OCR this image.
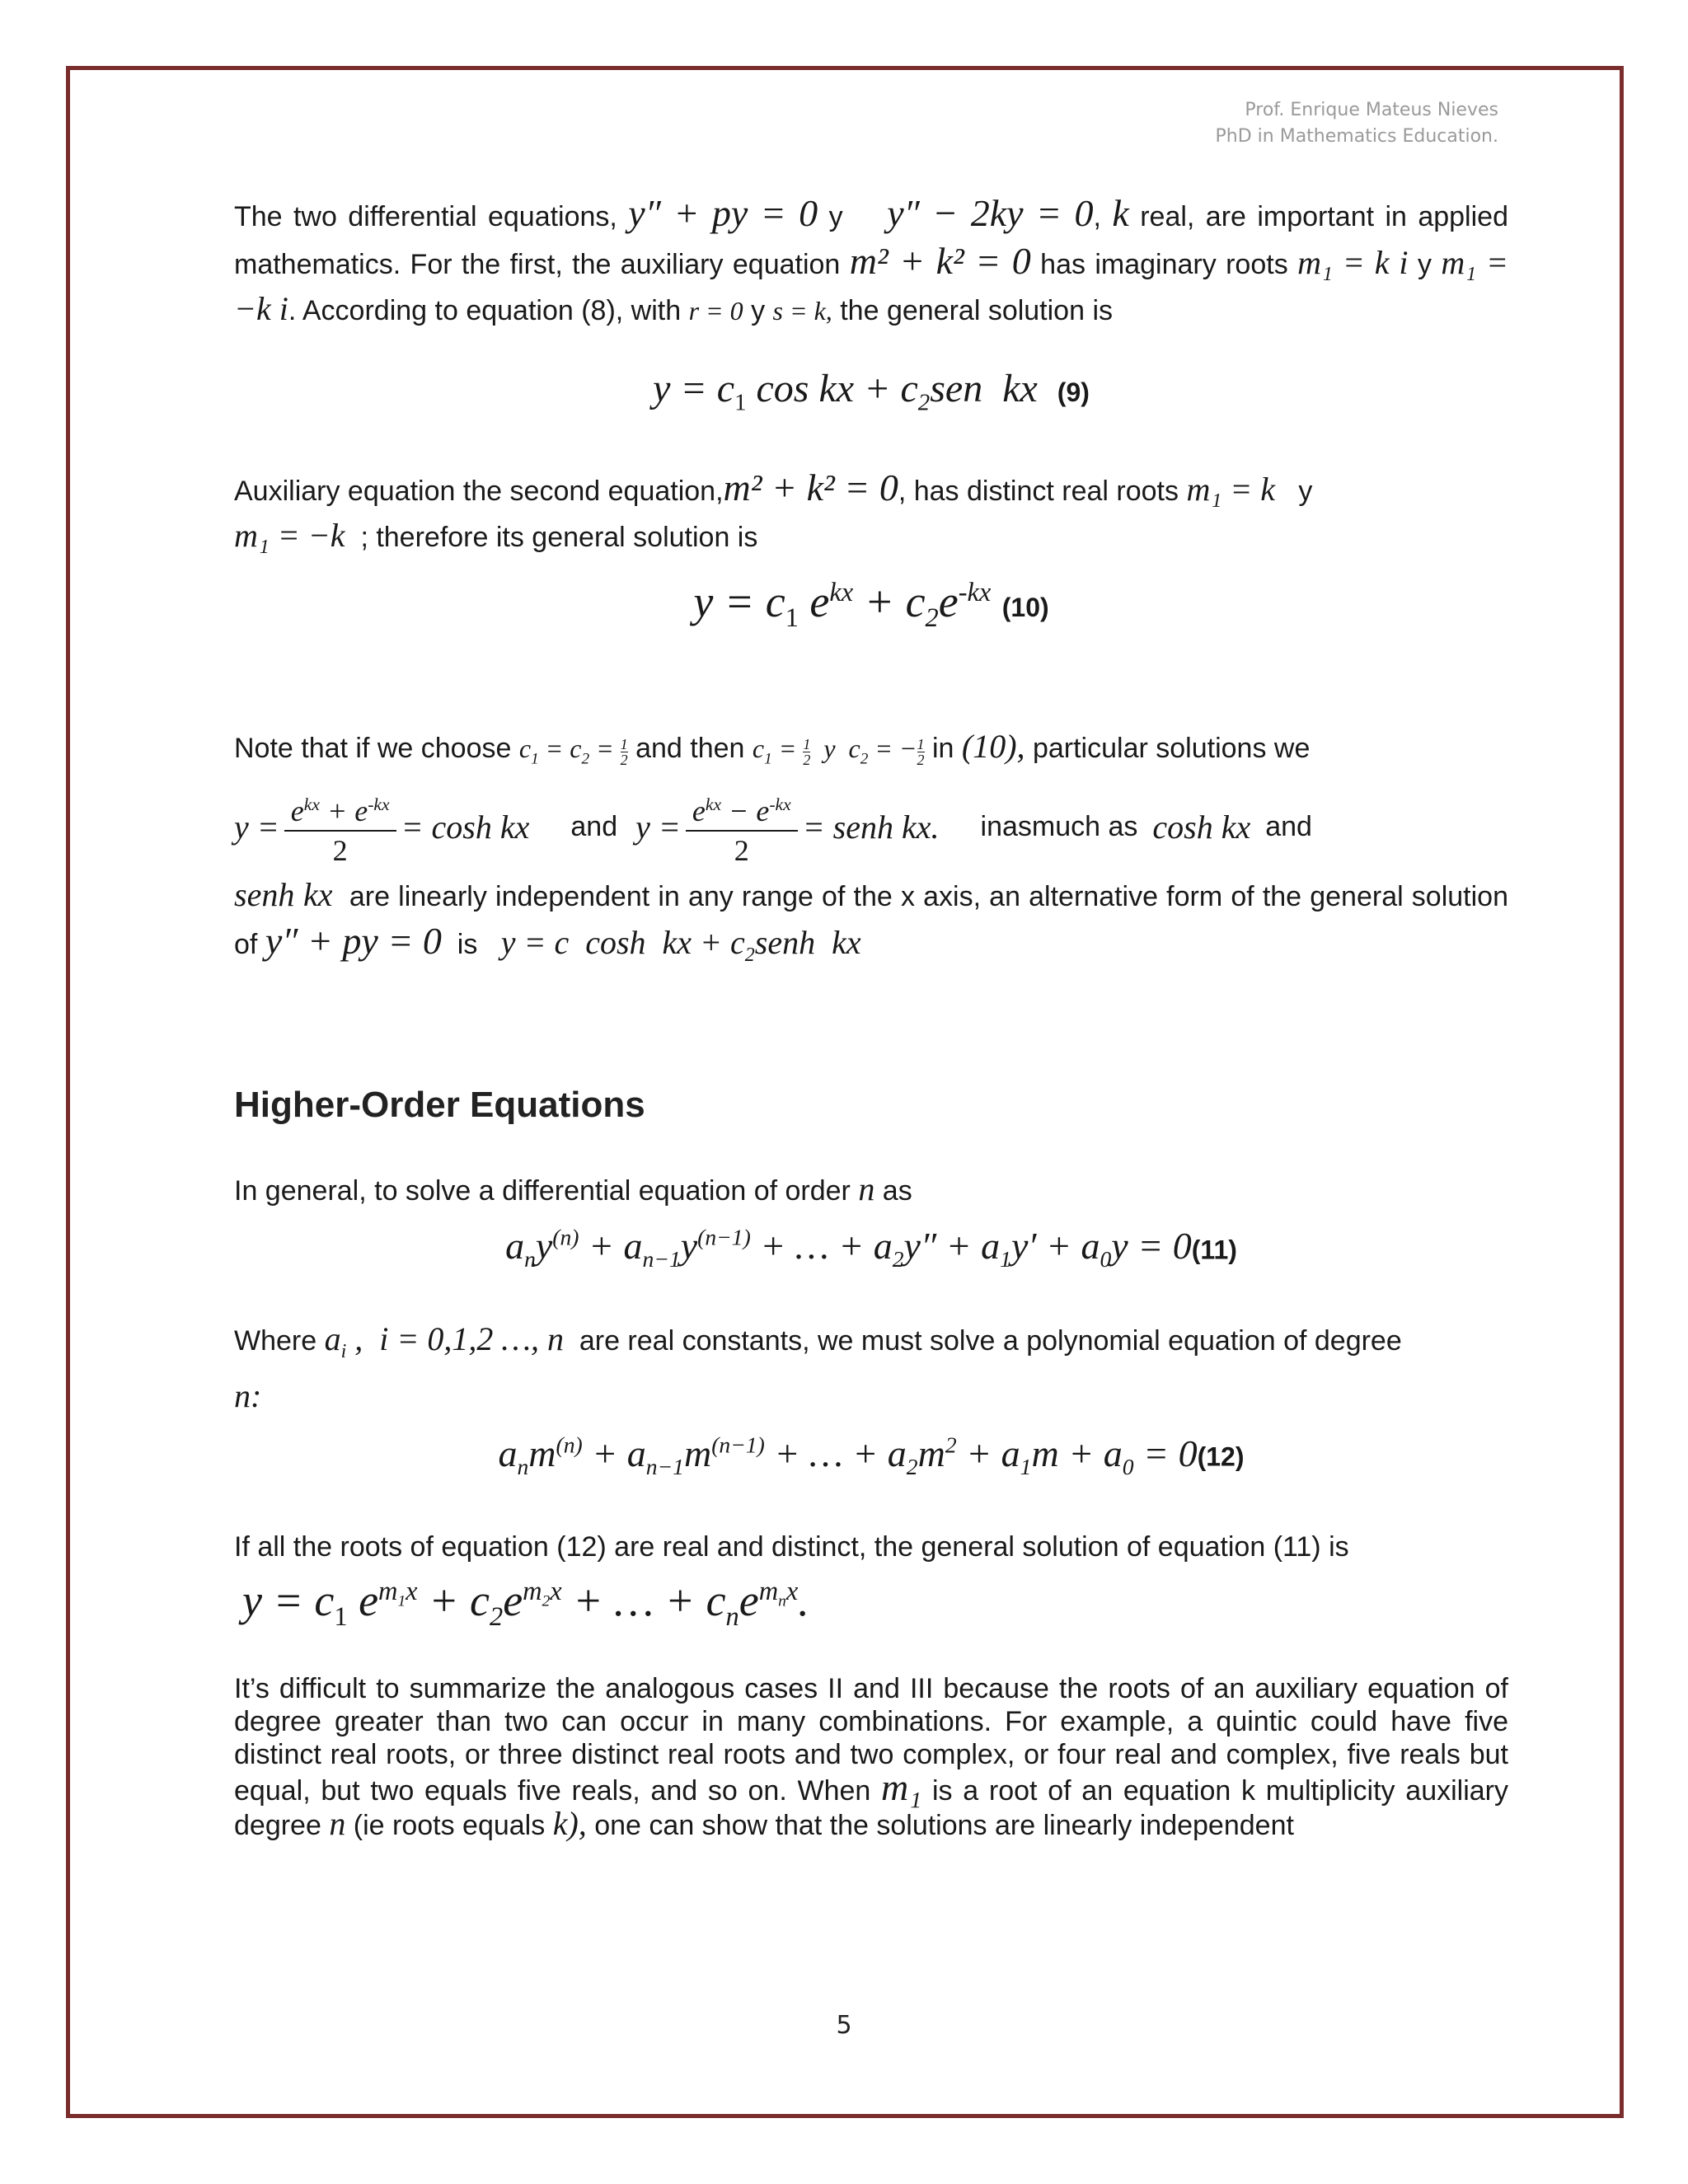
Prof. Enrique Mateus Nieves
PhD in Mathematics Education.

The two differential equations, y″ + py = 0 y y″ − 2ky = 0, k real, are important in applied mathematics. For the first, the auxiliary equation m² + k² = 0 has imaginary roots m₁ = k i y m₁ = −k i. According to equation (8), with r = 0 y s = k, the general solution is

$y = c_1$ cos kx + $c_2sen$  kx (9)

Auxiliary equation the second equation,m² + k² = 0, has distinct real roots m₁ = k y
m₁ = −k ; therefore its general solution is

$y = c_1$ $e^{kx} + c_2e^{-kx}$ (10)

Note that if we choose $c_1 = c_2 = \frac{1}{2}$ and then $c_1 = \frac{1}{2}$ y  $c_2$ = − $\frac{1}{2}$ in (10), particular solutions we

$y = \frac{e^{kx} + e^{-kx}}{2} = \cosh$ kx and $y = \frac{e^{kx} - e^{-kx}}{2}$ = senh kx. inasmuch as cosh kx and

senh kx are linearly independent in any range of the x axis, an alternative form of the general solution of y″ + py = 0 is y = c  cosh  kx + $c_2senh$  kx

Higher-Order Equations

In general, to solve a differential equation of order n as

$a_ny^{(n)} + a_{n-1}y^{(n-1)}$ + … + $a_2y'' + a_1y' + a_0y = 0(11)$

Where $a_i$ ,  i = 0,1,2 …, n are real constants, we must solve a polynomial equation of degree
n:

$a_nm^{(n)} + a_{n-1}m^{(n-1)}$ + … + $a_2m^2 + a_1m + a_0 = 0(12)$

If all the roots of equation (12) are real and distinct, the general solution of equation (11) is
$y = c_1$ $e^{m_1x} + c_2e^{m_2x}$ + … + $c_ne^{m_nx}$.

It’s difficult to summarize the analogous cases II and III because the roots of an auxiliary equation of degree greater than two can occur in many combinations. For example, a quintic could have five distinct real roots, or three distinct real roots and two complex, or four real and complex, five reals but equal, but two equals five reals, and so on. When m₁ is a root of an equation k multiplicity auxiliary degree n (ie roots equals k), one can show that the solutions are linearly independent

5
